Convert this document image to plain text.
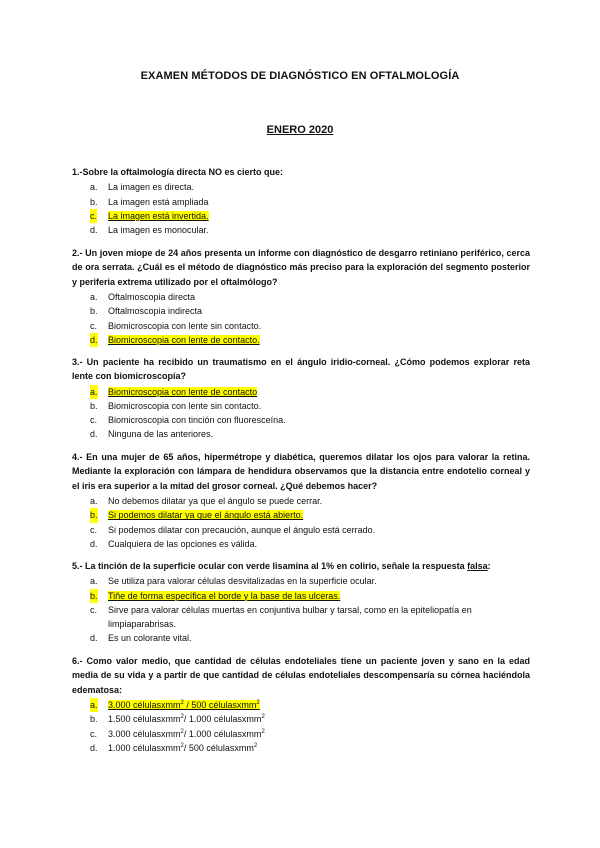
EXAMEN MÉTODOS DE DIAGNÓSTICO EN OFTALMOLOGÍA
ENERO 2020
1.-Sobre la oftalmología directa NO es cierto que:
a. La imagen es directa.
b. La imagen está ampliada
c. La imagen está invertida.
d. La imagen es monocular.
2.- Un joven miope de 24 años presenta un informe con diagnóstico de desgarro retiniano periférico, cerca de ora serrata. ¿Cuál es el método de diagnóstico más preciso para la exploración del segmento posterior y periferia extrema utilizado por el oftalmólogo?
a. Oftalmoscopia directa
b. Oftalmoscopia indirecta
c. Biomicroscopia con lente sin contacto.
d. Biomicroscopia con lente de contacto.
3.- Un paciente ha recibido un traumatismo en el ángulo iridio-corneal. ¿Cómo podemos explorar reta lente con biomicroscopía?
a. Biomicroscopia con lente de contacto
b. Biomicroscopia con lente sin contacto.
c. Biomicroscopia con tinción con fluoresceína.
d. Ninguna de las anteriores.
4.- En una mujer de 65 años, hipermétrope y diabética, queremos dilatar los ojos para valorar la retina. Mediante la exploración con lámpara de hendidura observamos que la distancia entre endotelio corneal y el iris era superior a la mitad del grosor corneal. ¿Qué debemos hacer?
a. No debemos dilatar ya que el ángulo se puede cerrar.
b. Si podemos dilatar ya que el ángulo está abierto.
c. Si podemos dilatar con precaución, aunque el ángulo está cerrado.
d. Cualquiera de las opciones es válida.
5.- La tinción de la superficie ocular con verde lisamina al 1% en colirio, señale la respuesta falsa:
a. Se utiliza para valorar células desvitalizadas en la superficie ocular.
b. Tiñe de forma específica el borde y la base de las ulceras.
c. Sirve para valorar células muertas en conjuntiva bulbar y tarsal, como en la epiteliopatía en limpiaparabrisas.
d. Es un colorante vital.
6.- Como valor medio, que cantidad de células endoteliales tiene un paciente joven y sano en la edad media de su vida y a partir de que cantidad de células endoteliales descompensaría su córnea haciéndola edematosa:
a. 3.000 célulasxmm$^2$ / 500 célulasxmm$^2$
b. 1.500 célulasxmm$^2$/ 1.000 célulasxmm$^2$
c. 3.000 célulasxmm$^2$/ 1.000 célulasxmm$^2$
d. 1.000 célulasxmm$^2$/ 500 célulasxmm$^2$
